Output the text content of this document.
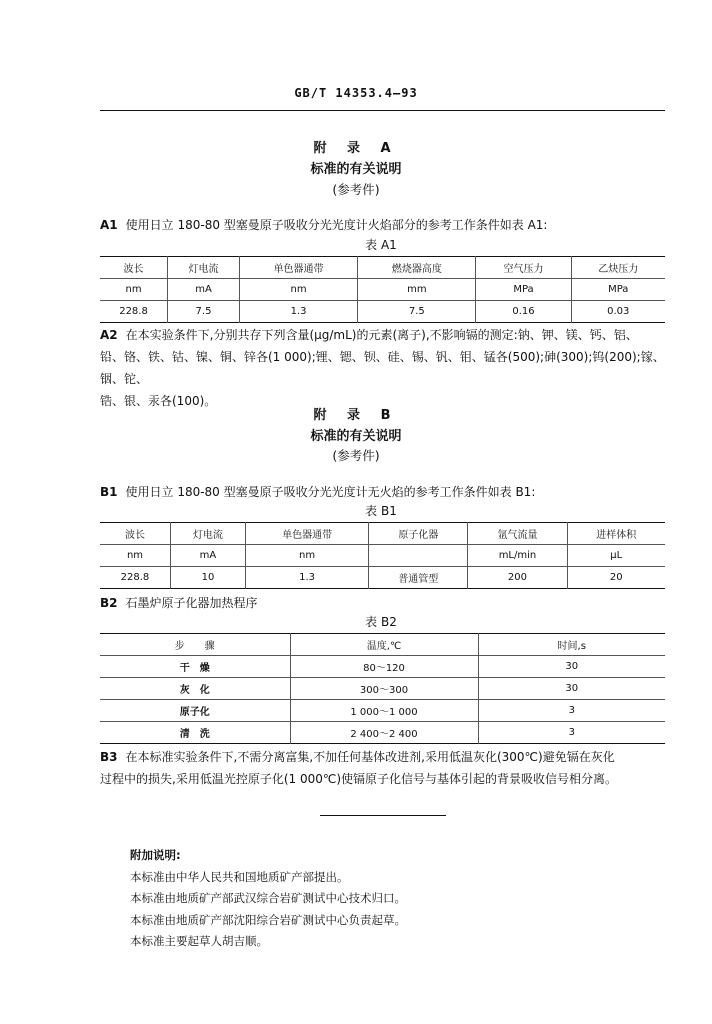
GB/T 14353.4—93
附 录 A
标准的有关说明
(参考件)
A1 使用日立 180-80 型塞曼原子吸收分光光度计火焰部分的参考工作条件如表 A1:
表 A1
波长	灯电流	单色器通带	燃烧器高度	空气压力	乙炔压力
nm	mA	nm	mm	MPa	MPa
228.8	7.5	1.3	7.5	0.16	0.03
A2 在本实验条件下,分别共存下列含量(μg/mL)的元素(离子),不影响镉的测定:钠、钾、镁、钙、铝、
铅、铬、铁、钴、镍、铜、锌各(1 000);锂、锶、钡、硅、锡、钒、钼、锰各(500);砷(300);钨(200);镓、铟、铊、
锆、银、汞各(100)。
附 录 B
标准的有关说明
(参考件)
B1 使用日立 180-80 型塞曼原子吸收分光光度计无火焰的参考工作条件如表 B1:
表 B1
波长	灯电流	单色器通带	原子化器	氩气流量	进样体积
nm	mA	nm		mL/min	μL
228.8	10	1.3	普通管型	200	20
B2 石墨炉原子化器加热程序
表 B2
步　　骤	温度,℃	时间,s
干　燥	80～120	30
灰　化	300～300	30
原子化	1 000～1 000	3
清　洗	2 400～2 400	3
B3 在本标准实验条件下,不需分离富集,不加任何基体改进剂,采用低温灰化(300℃)避免镉在灰化
过程中的损失,采用低温光控原子化(1 000℃)使镉原子化信号与基体引起的背景吸收信号相分离。
附加说明:
本标准由中华人民共和国地质矿产部提出。
本标准由地质矿产部武汉综合岩矿测试中心技术归口。
本标准由地质矿产部沈阳综合岩矿测试中心负责起草。
本标准主要起草人胡吉顺。
